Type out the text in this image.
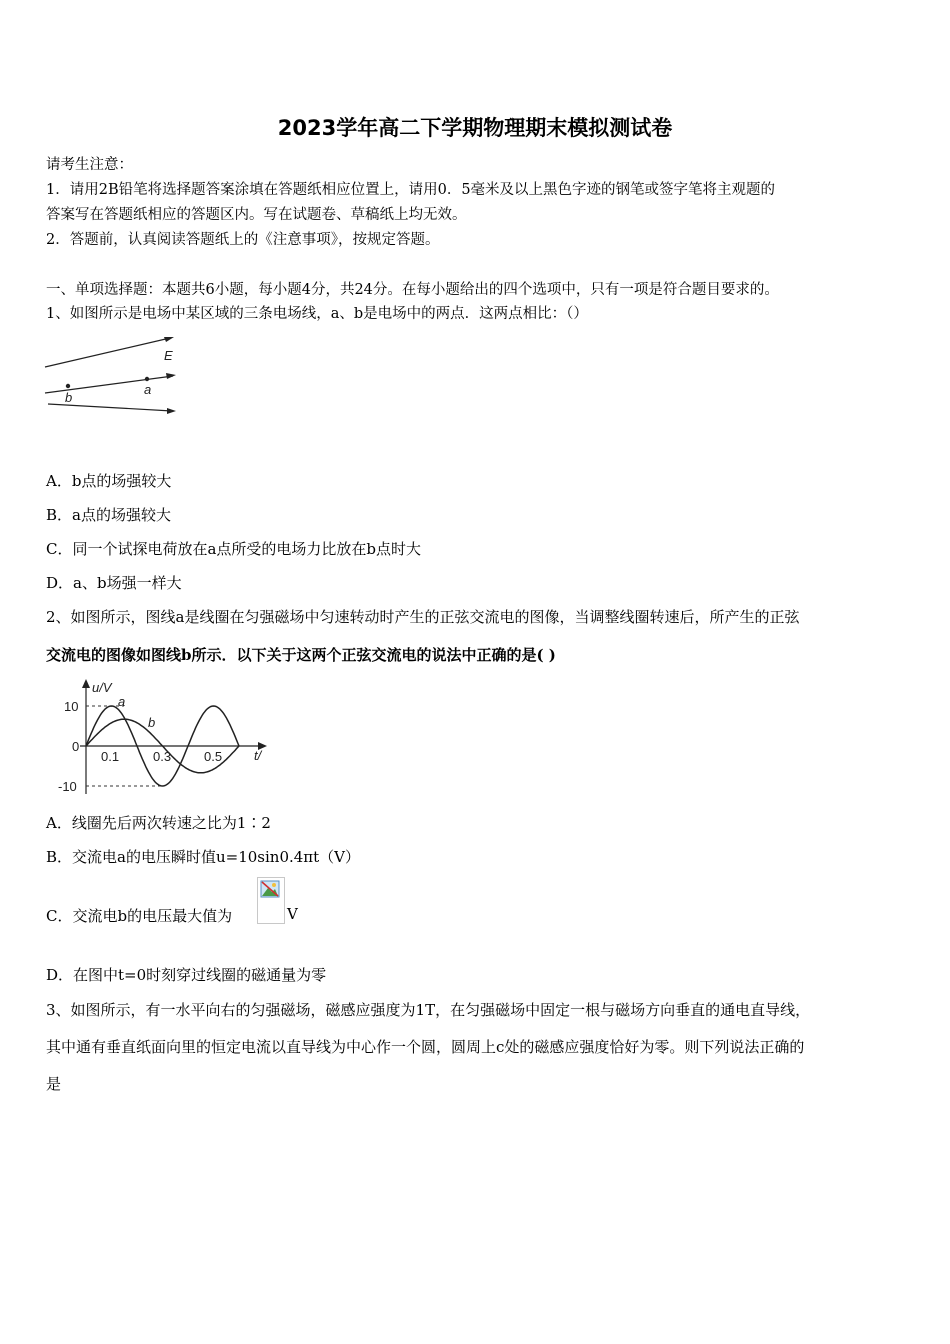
2023学年高二下学期物理期末模拟测试卷
请考生注意：
1．请用2B铅笔将选择题答案涂填在答题纸相应位置上，请用0．5毫米及以上黑色字迹的钢笔或签字笔将主观题的
答案写在答题纸相应的答题区内。写在试题卷、草稿纸上均无效。
2．答题前，认真阅读答题纸上的《注意事项》，按规定答题。
一、单项选择题：本题共6小题，每小题4分，共24分。在每小题给出的四个选项中，只有一项是符合题目要求的。
1、如图所示是电场中某区域的三条电场线，a、b是电场中的两点．这两点相比：（）
E
a
b
A．b点的场强较大
B．a点的场强较大
C．同一个试探电荷放在a点所受的电场力比放在b点时大
D．a、b场强一样大
2、如图所示，图线a是线圈在匀强磁场中匀速转动时产生的正弦交流电的图像，当调整线圈转速后，所产生的正弦
交流电的图像如图线b所示．以下关于这两个正弦交流电的说法中正确的是( )
u/V
t/
10
0
-10
0.1	0.3	0.5
a
b
A．线圈先后两次转速之比为1∶2
B．交流电a的电压瞬时值u=10sin0.4πt（V）
C．交流电b的电压最大值为	V
D．在图中t=0时刻穿过线圈的磁通量为零
3、如图所示，有一水平向右的匀强磁场，磁感应强度为1T，在匀强磁场中固定一根与磁场方向垂直的通电直导线，
其中通有垂直纸面向里的恒定电流以直导线为中心作一个圆，圆周上c处的磁感应强度恰好为零。则下列说法正确的
是
